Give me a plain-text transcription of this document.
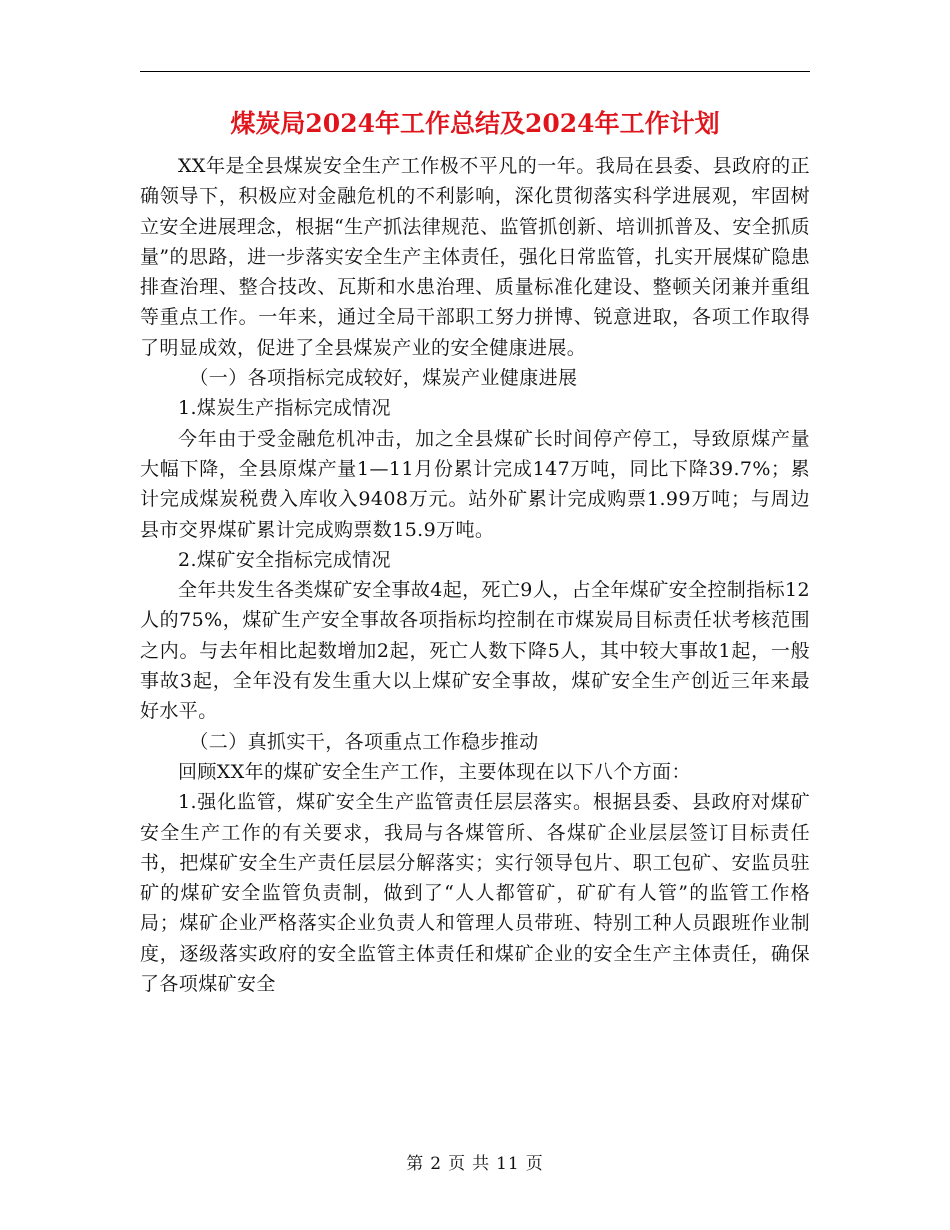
煤炭局2024年工作总结及2024年工作计划

XX年是全县煤炭安全生产工作极不平凡的一年。我局在县委、县政府的正确领导下，积极应对金融危机的不利影响，深化贯彻落实科学进展观，牢固树立安全进展理念，根据“生产抓法律规范、监管抓创新、培训抓普及、安全抓质量”的思路，进一步落实安全生产主体责任，强化日常监管，扎实开展煤矿隐患排查治理、整合技改、瓦斯和水患治理、质量标准化建设、整顿关闭兼并重组等重点工作。一年来，通过全局干部职工努力拼博、锐意进取，各项工作取得了明显成效，促进了全县煤炭产业的安全健康进展。

（一）各项指标完成较好，煤炭产业健康进展

1.煤炭生产指标完成情况

今年由于受金融危机冲击，加之全县煤矿长时间停产停工，导致原煤产量大幅下降，全县原煤产量1—11月份累计完成147万吨，同比下降39.7%；累计完成煤炭税费入库收入9408万元。站外矿累计完成购票1.99万吨；与周边县市交界煤矿累计完成购票数15.9万吨。

2.煤矿安全指标完成情况

全年共发生各类煤矿安全事故4起，死亡9人，占全年煤矿安全控制指标12人的75%，煤矿生产安全事故各项指标均控制在市煤炭局目标责任状考核范围之内。与去年相比起数增加2起，死亡人数下降5人，其中较大事故1起，一般事故3起，全年没有发生重大以上煤矿安全事故，煤矿安全生产创近三年来最好水平。

（二）真抓实干，各项重点工作稳步推动

回顾XX年的煤矿安全生产工作，主要体现在以下八个方面：

1.强化监管，煤矿安全生产监管责任层层落实。根据县委、县政府对煤矿安全生产工作的有关要求，我局与各煤管所、各煤矿企业层层签订目标责任书，把煤矿安全生产责任层层分解落实；实行领导包片、职工包矿、安监员驻矿的煤矿安全监管负责制，做到了“人人都管矿，矿矿有人管”的监管工作格局；煤矿企业严格落实企业负责人和管理人员带班、特别工种人员跟班作业制度，逐级落实政府的安全监管主体责任和煤矿企业的安全生产主体责任，确保了各项煤矿安全

第 2 页 共 11 页
